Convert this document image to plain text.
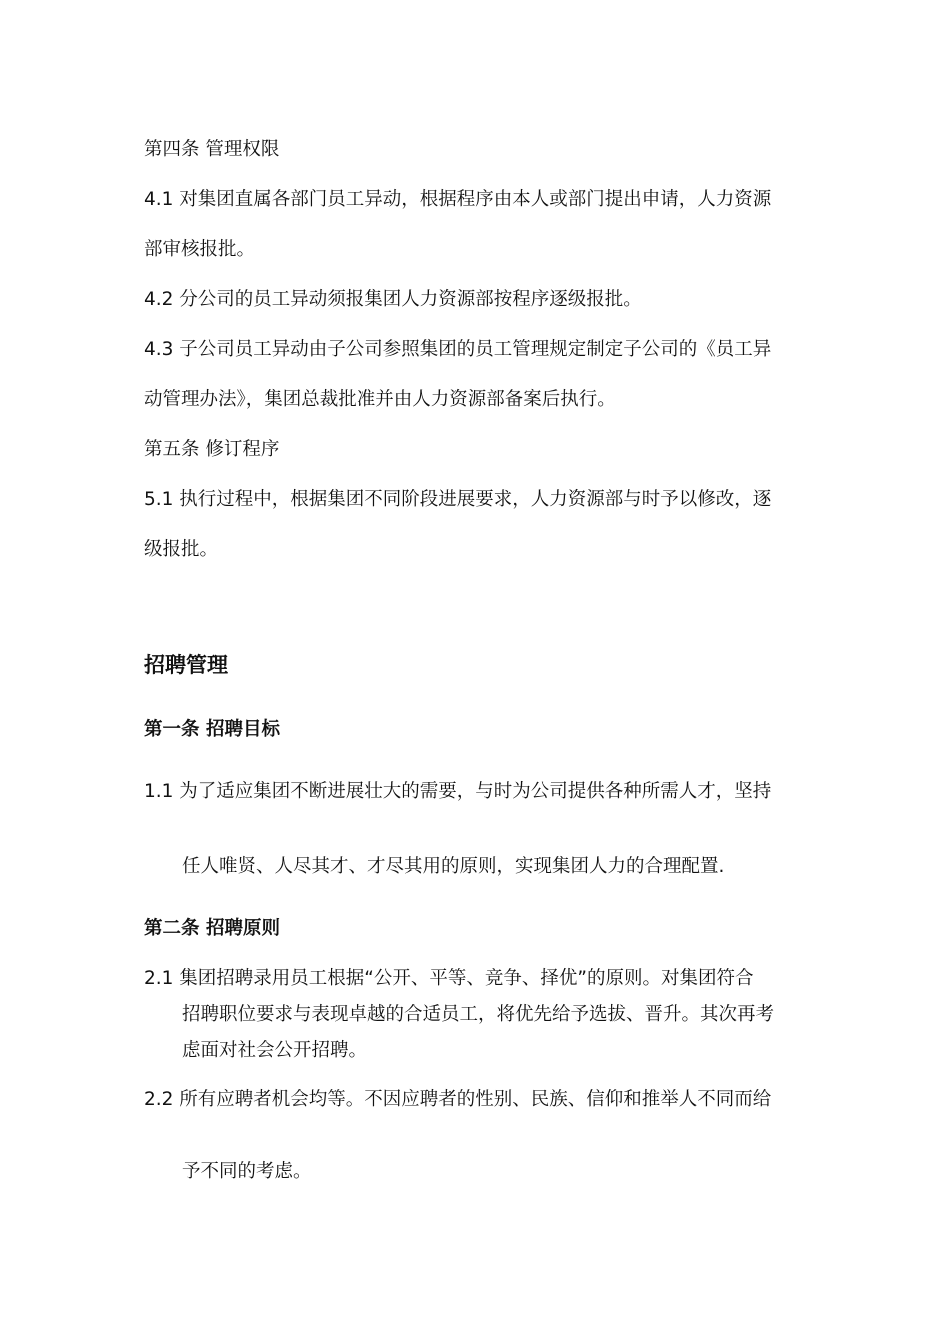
第四条 管理权限
4.1 对集团直属各部门员工异动，根据程序由本人或部门提出申请，人力资源
部审核报批。
4.2 分公司的员工异动须报集团人力资源部按程序逐级报批。
4.3 子公司员工异动由子公司参照集团的员工管理规定制定子公司的《员工异
动管理办法》，集团总裁批准并由人力资源部备案后执行。
第五条 修订程序
5.1 执行过程中，根据集团不同阶段进展要求，人力资源部与时予以修改，逐
级报批。
招聘管理
第一条 招聘目标
1.1 为了适应集团不断进展壮大的需要，与时为公司提供各种所需人才，坚持
任人唯贤、人尽其才、才尽其用的原则，实现集团人力的合理配置.
第二条 招聘原则
2.1 集团招聘录用员工根据“公开、平等、竞争、择优”的原则。对集团符合
招聘职位要求与表现卓越的合适员工，将优先给予选拔、晋升。其次再考
虑面对社会公开招聘。
2.2 所有应聘者机会均等。不因应聘者的性别、民族、信仰和推举人不同而给
予不同的考虑。
